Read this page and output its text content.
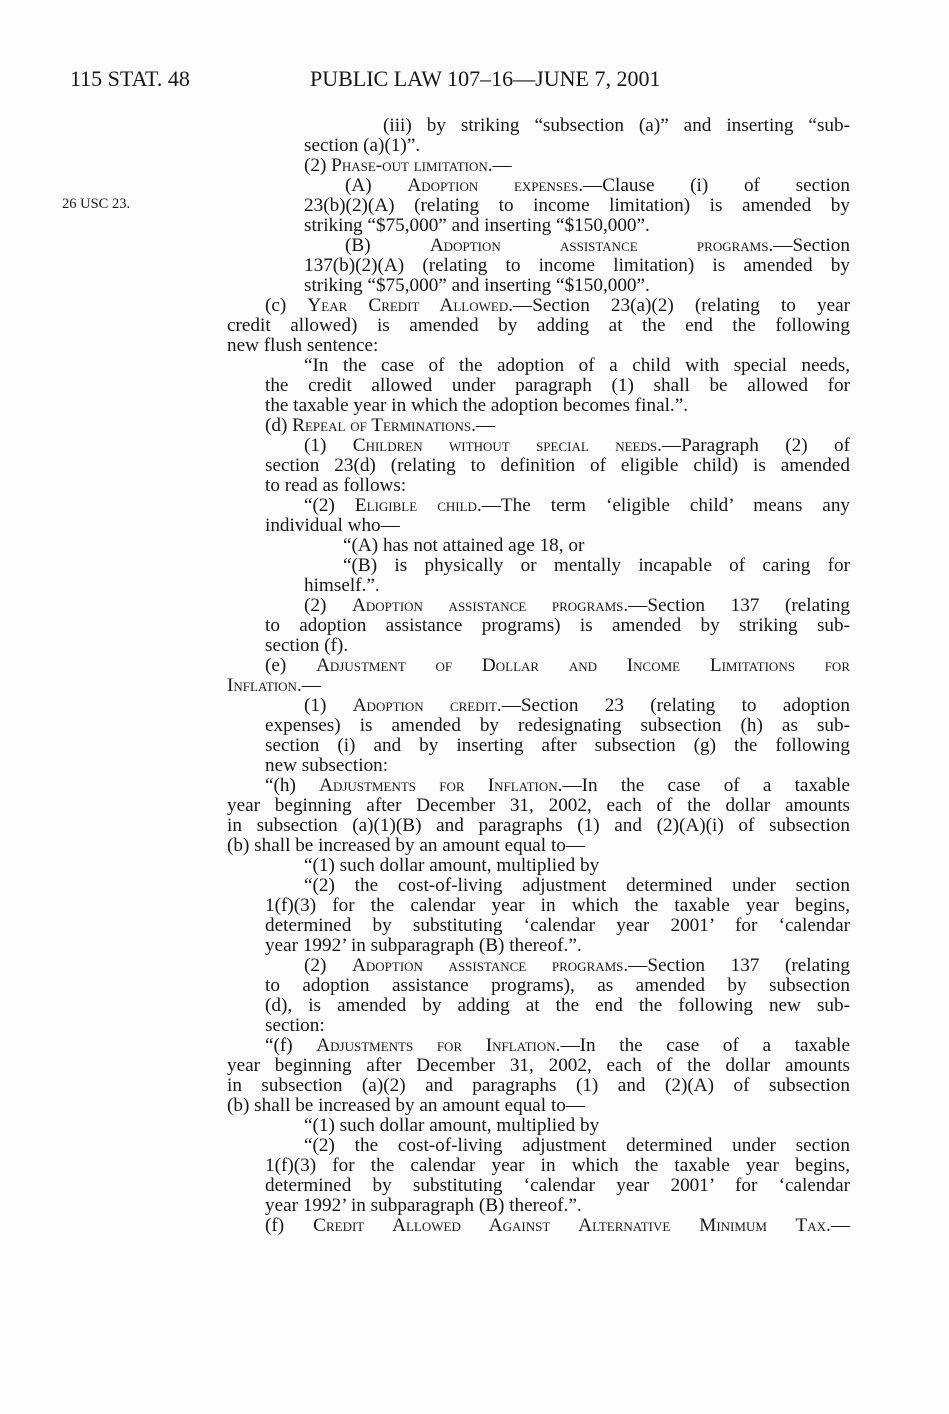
115 STAT. 48	PUBLIC LAW 107–16—JUNE 7, 2001
26 USC 23.
(iii) by striking “subsection (a)” and inserting “sub-
section (a)(1)”.
(2) Phase-out limitation.—
(A) Adoption expenses.—Clause (i) of section
23(b)(2)(A) (relating to income limitation) is amended by
striking “$75,000” and inserting “$150,000”.
(B) Adoption assistance programs.—Section
137(b)(2)(A) (relating to income limitation) is amended by
striking “$75,000” and inserting “$150,000”.
(c) Year Credit Allowed.—Section 23(a)(2) (relating to year
credit allowed) is amended by adding at the end the following
new flush sentence:
“In the case of the adoption of a child with special needs,
the credit allowed under paragraph (1) shall be allowed for
the taxable year in which the adoption becomes final.”.
(d) Repeal of Terminations.—
(1) Children without special needs.—Paragraph (2) of
section 23(d) (relating to definition of eligible child) is amended
to read as follows:
“(2) Eligible child.—The term ‘eligible child’ means any
individual who—
“(A) has not attained age 18, or
“(B) is physically or mentally incapable of caring for
himself.”.
(2) Adoption assistance programs.—Section 137 (relating
to adoption assistance programs) is amended by striking sub-
section (f).
(e) Adjustment of Dollar and Income Limitations for
Inflation.—
(1) Adoption credit.—Section 23 (relating to adoption
expenses) is amended by redesignating subsection (h) as sub-
section (i) and by inserting after subsection (g) the following
new subsection:
“(h) Adjustments for Inflation.—In the case of a taxable
year beginning after December 31, 2002, each of the dollar amounts
in subsection (a)(1)(B) and paragraphs (1) and (2)(A)(i) of subsection
(b) shall be increased by an amount equal to—
“(1) such dollar amount, multiplied by
“(2) the cost-of-living adjustment determined under section
1(f)(3) for the calendar year in which the taxable year begins,
determined by substituting ‘calendar year 2001’ for ‘calendar
year 1992’ in subparagraph (B) thereof.”.
(2) Adoption assistance programs.—Section 137 (relating
to adoption assistance programs), as amended by subsection
(d), is amended by adding at the end the following new sub-
section:
“(f) Adjustments for Inflation.—In the case of a taxable
year beginning after December 31, 2002, each of the dollar amounts
in subsection (a)(2) and paragraphs (1) and (2)(A) of subsection
(b) shall be increased by an amount equal to—
“(1) such dollar amount, multiplied by
“(2) the cost-of-living adjustment determined under section
1(f)(3) for the calendar year in which the taxable year begins,
determined by substituting ‘calendar year 2001’ for ‘calendar
year 1992’ in subparagraph (B) thereof.”.
(f) Credit Allowed Against Alternative Minimum Tax.—
